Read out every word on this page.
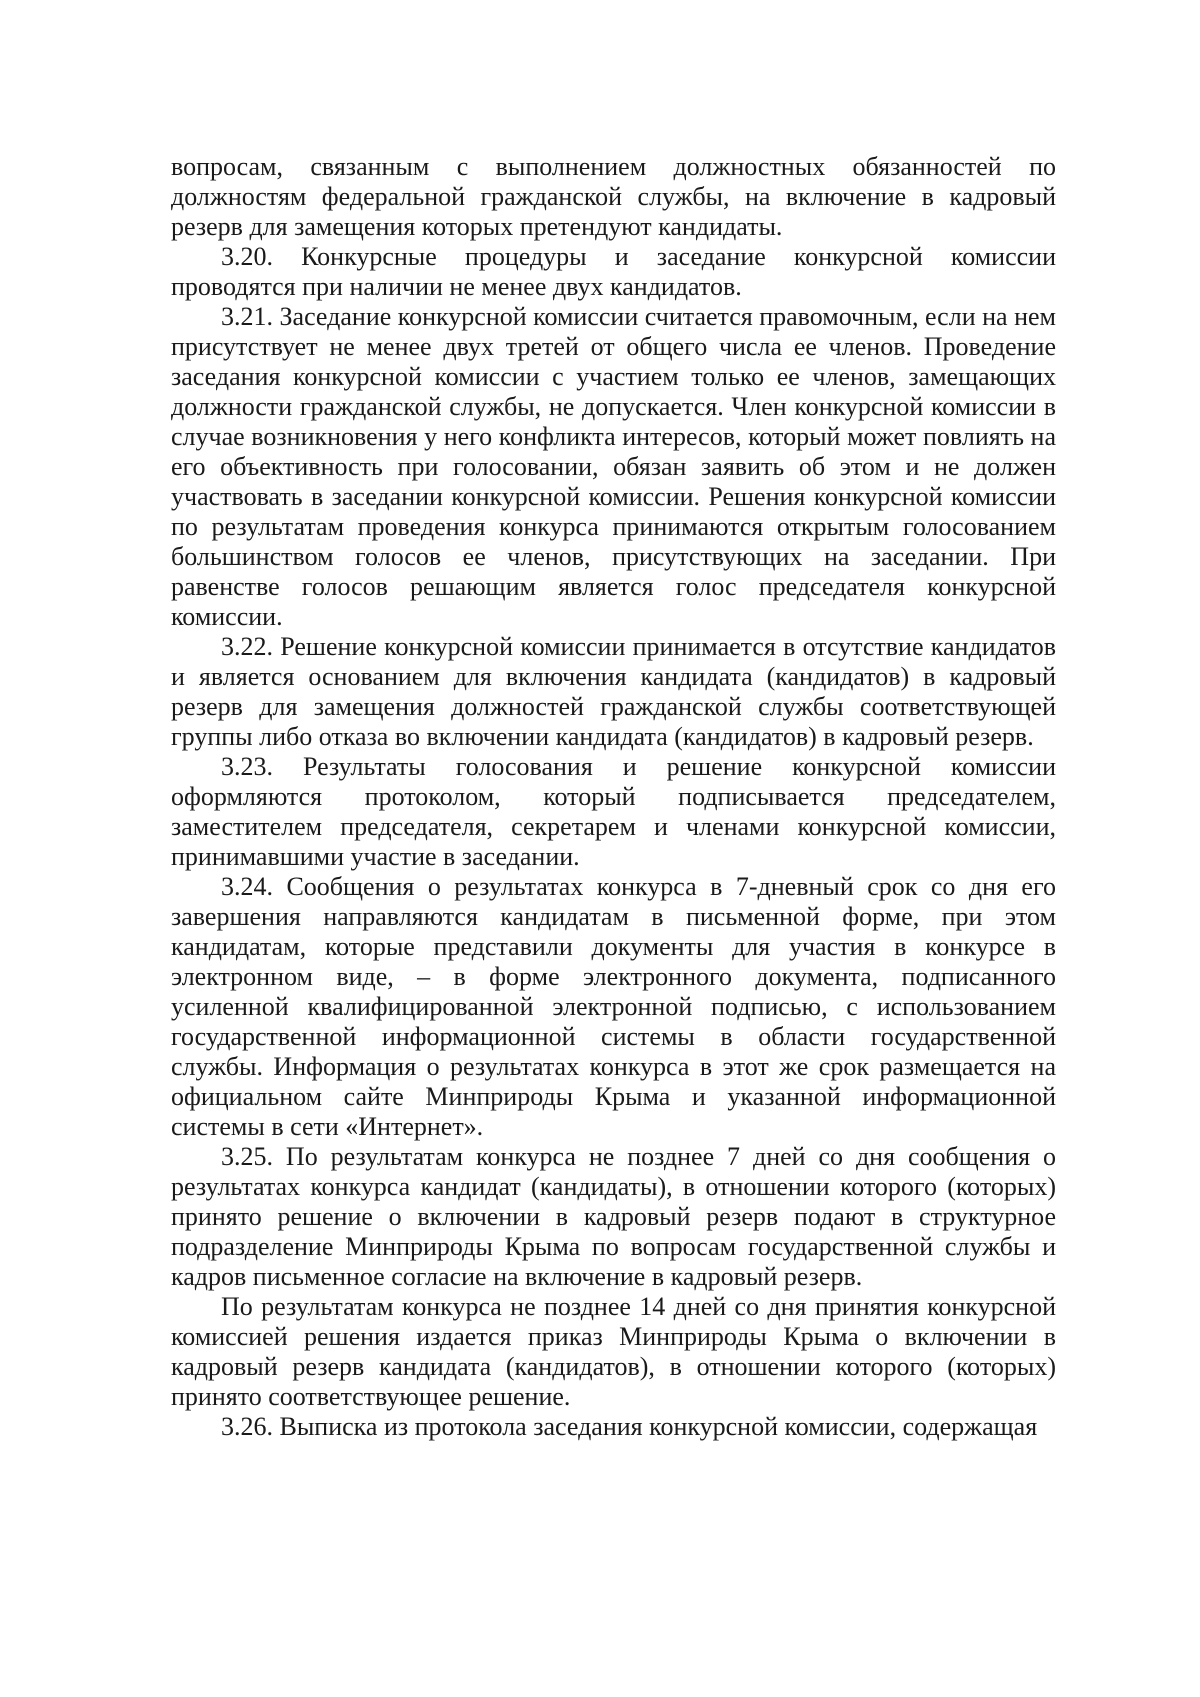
вопросам, связанным с выполнением должностных обязанностей по должностям федеральной гражданской службы, на включение в кадровый резерв для замещения которых претендуют кандидаты.

3.20. Конкурсные процедуры и заседание конкурсной комиссии проводятся при наличии не менее двух кандидатов.

3.21. Заседание конкурсной комиссии считается правомочным, если на нем присутствует не менее двух третей от общего числа ее членов. Проведение заседания конкурсной комиссии с участием только ее членов, замещающих должности гражданской службы, не допускается. Член конкурсной комиссии в случае возникновения у него конфликта интересов, который может повлиять на его объективность при голосовании, обязан заявить об этом и не должен участвовать в заседании конкурсной комиссии. Решения конкурсной комиссии по результатам проведения конкурса принимаются открытым голосованием большинством голосов ее членов, присутствующих на заседании. При равенстве голосов решающим является голос председателя конкурсной комиссии.

3.22. Решение конкурсной комиссии принимается в отсутствие кандидатов и является основанием для включения кандидата (кандидатов) в кадровый резерв для замещения должностей гражданской службы соответствующей группы либо отказа во включении кандидата (кандидатов) в кадровый резерв.

3.23. Результаты голосования и решение конкурсной комиссии оформляются протоколом, который подписывается председателем, заместителем председателя, секретарем и членами конкурсной комиссии, принимавшими участие в заседании.

3.24. Сообщения о результатах конкурса в 7-дневный срок со дня его завершения направляются кандидатам в письменной форме, при этом кандидатам, которые представили документы для участия в конкурсе в электронном виде, – в форме электронного документа, подписанного усиленной квалифицированной электронной подписью, с использованием государственной информационной системы в области государственной службы. Информация о результатах конкурса в этот же срок размещается на официальном сайте Минприроды Крыма и указанной информационной системы в сети «Интернет».

3.25. По результатам конкурса не позднее 7 дней со дня сообщения о результатах конкурса кандидат (кандидаты), в отношении которого (которых) принято решение о включении в кадровый резерв подают в структурное подразделение Минприроды Крыма по вопросам государственной службы и кадров письменное согласие на включение в кадровый резерв.

По результатам конкурса не позднее 14 дней со дня принятия конкурсной комиссией решения издается приказ Минприроды Крыма о включении в кадровый резерв кандидата (кандидатов), в отношении которого (которых) принято соответствующее решение.

3.26. Выписка из протокола заседания конкурсной комиссии, содержащая
